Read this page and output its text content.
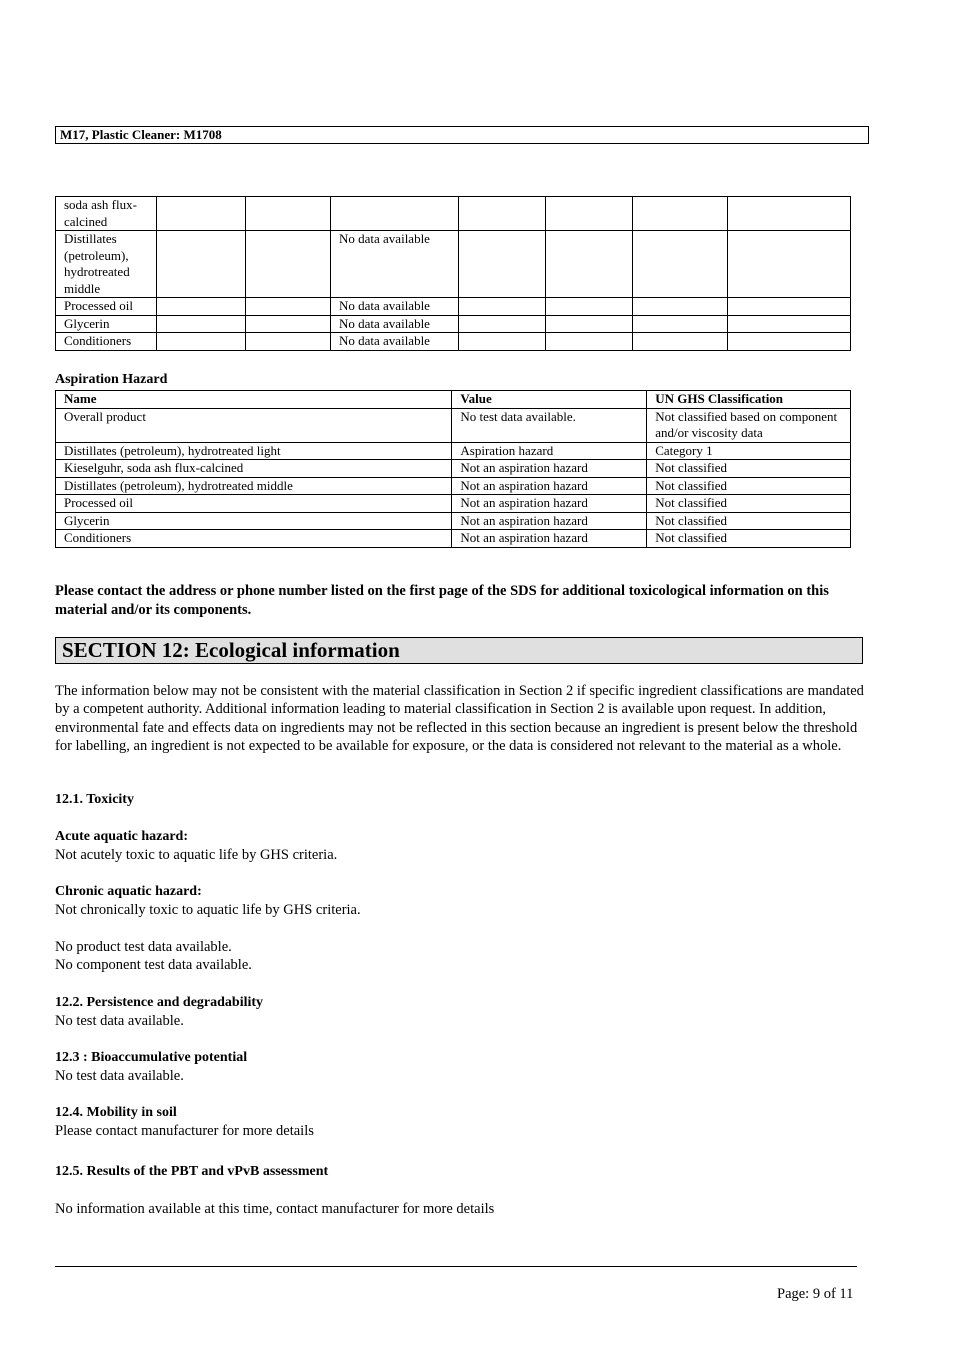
M17, Plastic Cleaner: M1708
soda ash flux-calcined							
Distillates (petroleum), hydrotreated middle			No data available				
Processed oil			No data available				
Glycerin			No data available				
Conditioners			No data available				
Aspiration Hazard
Name	Value	UN GHS Classification
Overall product	No test data available.	Not classified based on component and/or viscosity data
Distillates (petroleum), hydrotreated light	Aspiration hazard	Category 1
Kieselguhr, soda ash flux-calcined	Not an aspiration hazard	Not classified
Distillates (petroleum), hydrotreated middle	Not an aspiration hazard	Not classified
Processed oil	Not an aspiration hazard	Not classified
Glycerin	Not an aspiration hazard	Not classified
Conditioners	Not an aspiration hazard	Not classified
Please contact the address or phone number listed on the first page of the SDS for additional toxicological information on this material and/or its components.
SECTION 12: Ecological information
The information below may not be consistent with the material classification in Section 2 if specific ingredient classifications are mandated by a competent authority. Additional information leading to material classification in Section 2 is available upon request. In addition, environmental fate and effects data on ingredients may not be reflected in this section because an ingredient is present below the threshold for labelling, an ingredient is not expected to be available for exposure, or the data is considered not relevant to the material as a whole.
12.1. Toxicity
Acute aquatic hazard:
Not acutely toxic to aquatic life by GHS criteria.
Chronic aquatic hazard:
Not chronically toxic to aquatic life by GHS criteria.
No product test data available.
No component test data available.
12.2. Persistence and degradability
No test data available.
12.3 : Bioaccumulative potential
No test data available.
12.4. Mobility in soil
Please contact manufacturer for more details
12.5. Results of the PBT and vPvB assessment
No information available at this time, contact manufacturer for more details
Page: 9 of 11
